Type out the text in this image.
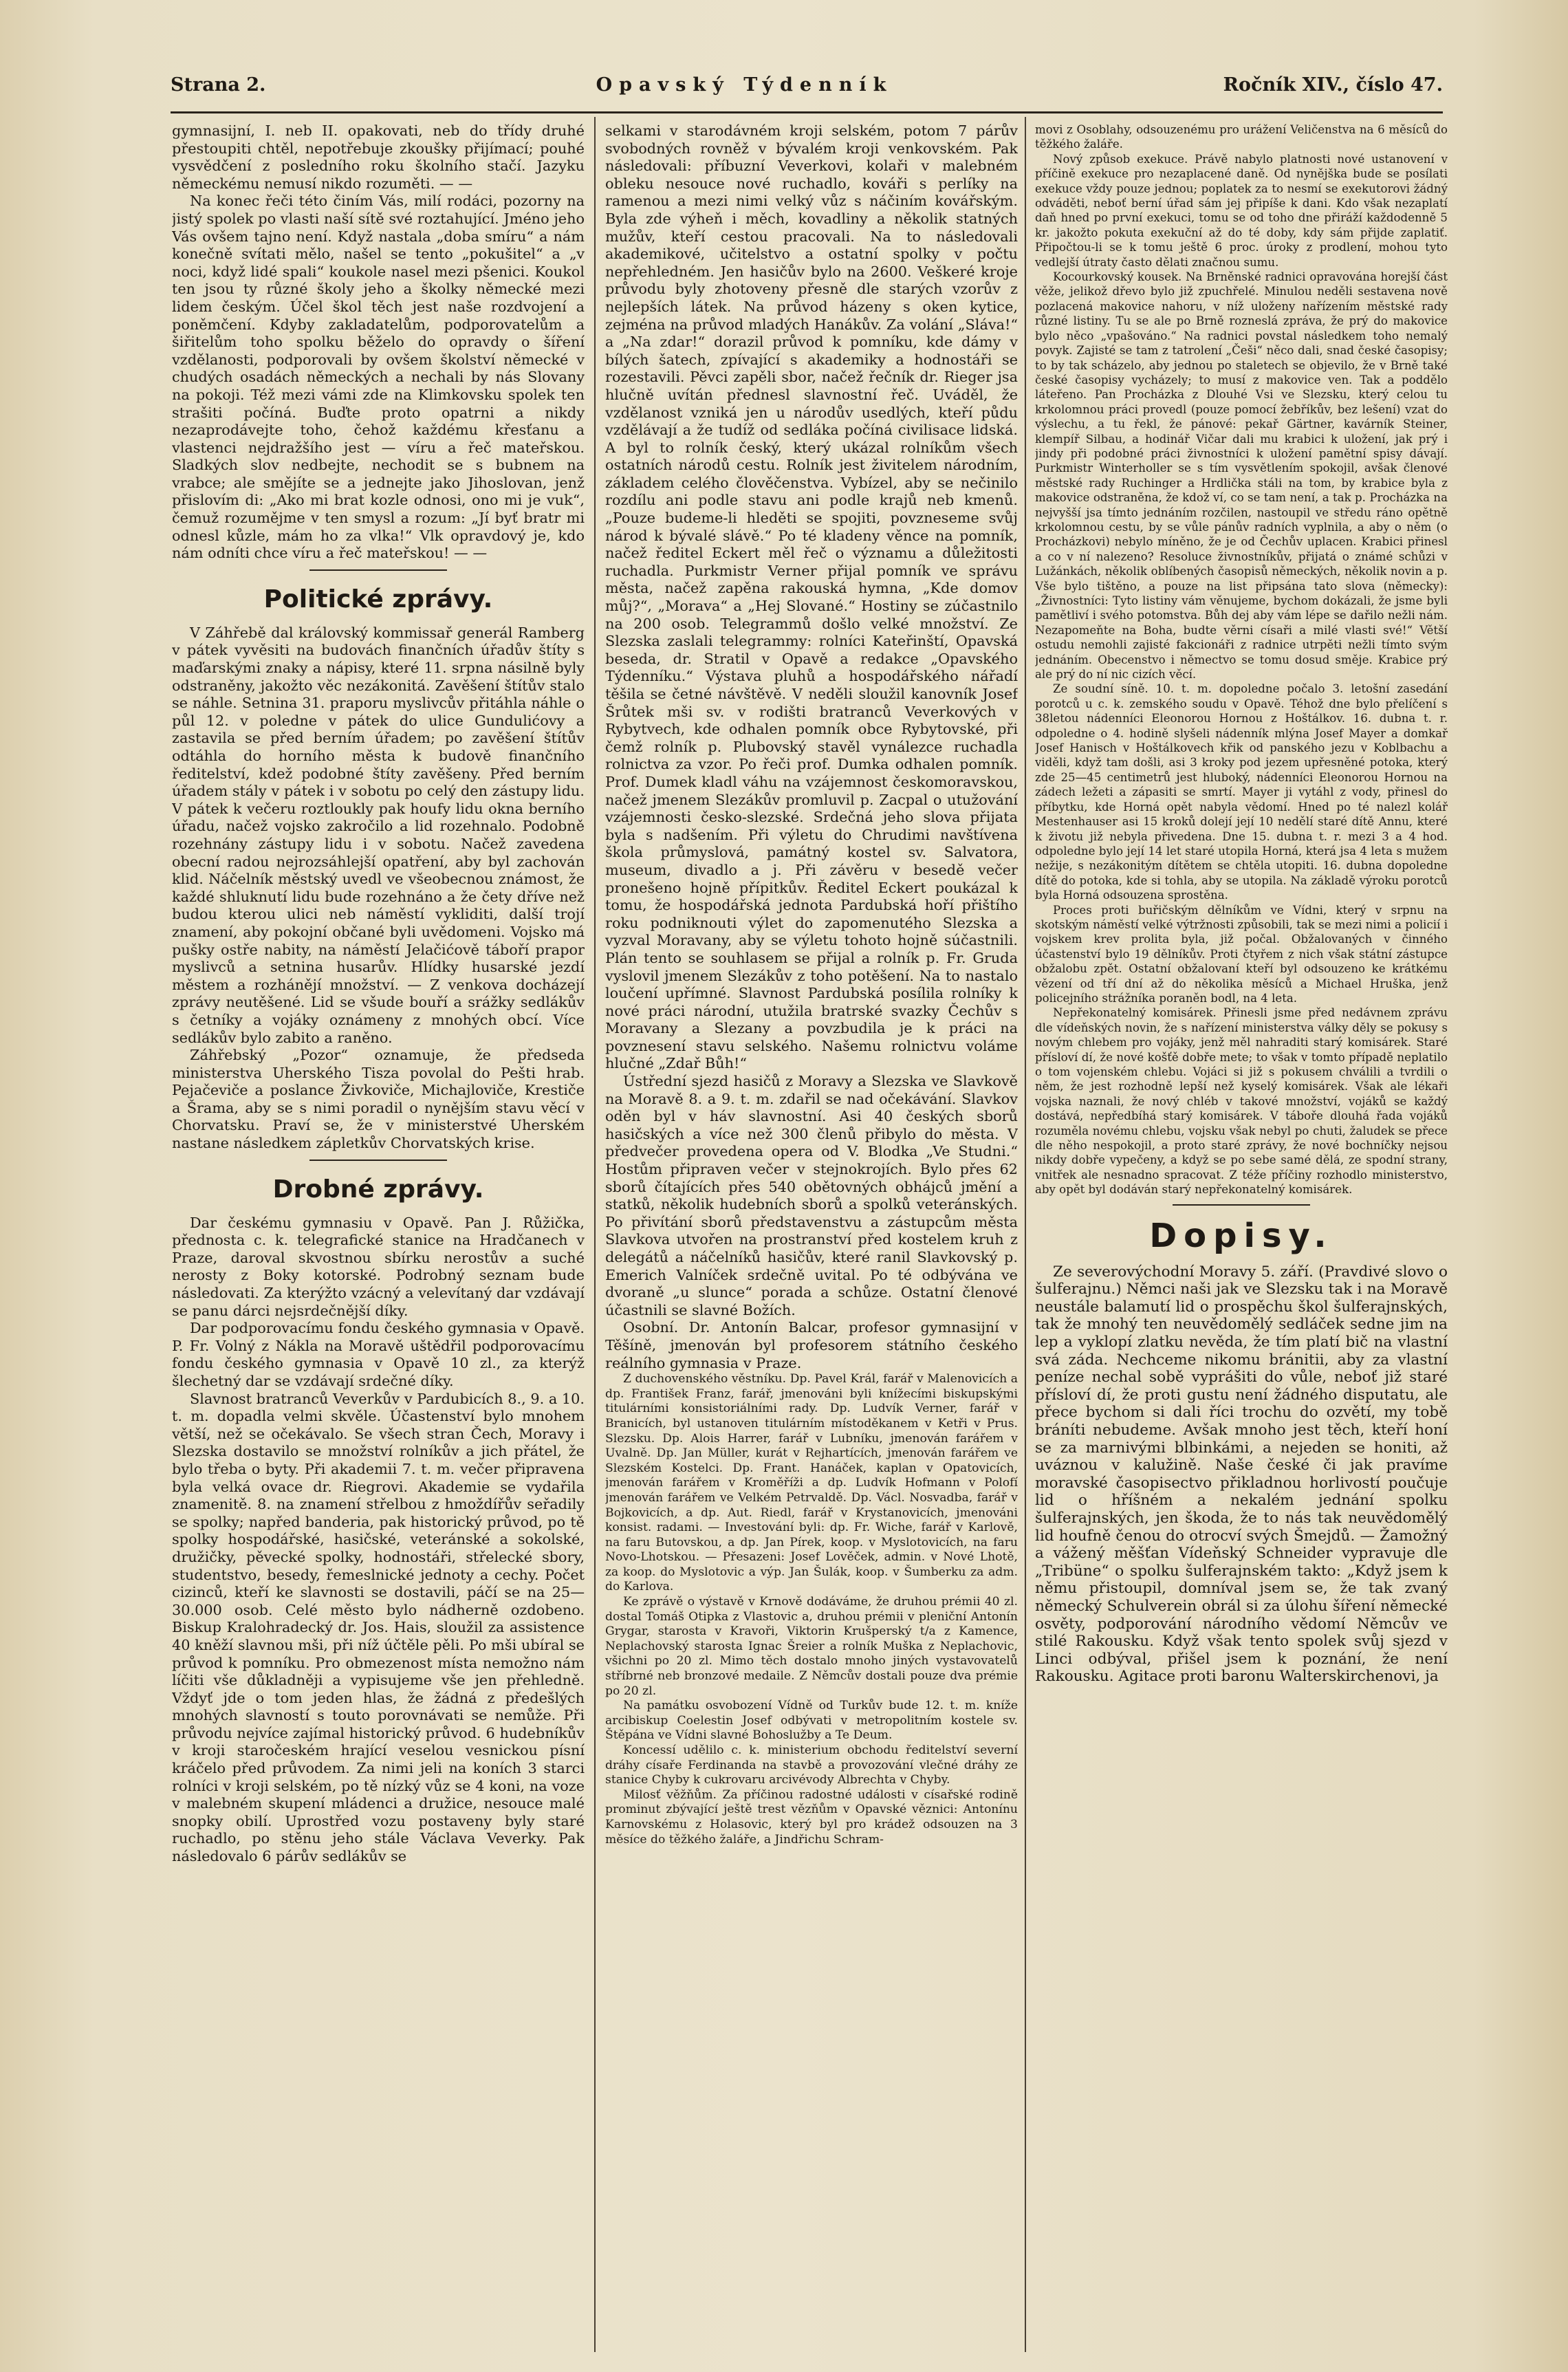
Strana 2.	Opavský Týdenník	Ročník XIV., číslo 47.

gymnasijní, I. neb II. opakovati, neb do třídy druhé přestoupiti chtěl, nepotřebuje zkoušky přijímací; pouhé vysvědčení z posledního roku školního stačí. Jazyku německému nemusí nikdo rozuměti. — —

Na konec řeči této činím Vás, milí rodáci, pozorny na jistý spolek po vlasti naší sítě své roztahující. Jméno jeho Vás ovšem tajno není. Když nastala „doba smíru“ a nám konečně svítati mělo, našel se tento „pokušitel“ a „v noci, když lidé spali“ koukole nasel mezi pšenici. Koukol ten jsou ty různé školy jeho a školky německé mezi lidem českým. Účel škol těch jest naše rozdvojení a poněmčení. Kdyby zakladatelům, podporovatelům a šiřitelům toho spolku běželo do opravdy o šíření vzdělanosti, podporovali by ovšem školství německé v chudých osadách německých a nechali by nás Slovany na pokoji. Též mezi vámi zde na Klimkovsku spolek ten strašiti počíná. Buďte proto opatrni a nikdy nezaprodávejte toho, čehož každému křesťanu a vlastenci nejdražšího jest — víru a řeč mateřskou. Sladkých slov nedbejte, nechodit se s bubnem na vrabce; ale smějíte se a jednejte jako Jihoslovan, jenž přislovím di: „Ako mi brat kozle odnosi, ono mi je vuk“, čemuž rozumějme v ten smysl a rozum: „Jí byť bratr mi odnesl kůzle, mám ho za vlka!“ Vlk opravdový je, kdo nám odníti chce víru a řeč mateřskou! — —

Politické zprávy.

V Záhřebě dal královský kommissař generál Ramberg v pátek vyvěsiti na budovách finančních úřadův štíty s maďarskými znaky a nápisy, které 11. srpna násilně byly odstraněny, jakožto věc nezákonitá. Zavěšení štítův stalo se náhle. Setnina 31. praporu myslivcův přitáhla náhle o půl 12. v poledne v pátek do ulice Gundulićovy a zastavila se před berním úřadem; po zavěšení štítův odtáhla do horního města k budově finančního ředitelství, kdež podobné štíty zavěšeny. Před berním úřadem stály v pátek i v sobotu po celý den zástupy lidu. V pátek k večeru roztloukly pak houfy lidu okna berního úřadu, načež vojsko zakročilo a lid rozehnalo. Podobně rozehnány zástupy lidu i v sobotu. Načež zavedena obecní radou nejrozsáhlejší opatření, aby byl zachován klid. Náčelník městský uvedl ve všeobecnou známost, že každé shluknutí lidu bude rozehnáno a že čety dříve než budou kterou ulici neb náměstí vykliditi, další trojí znamení, aby pokojní občané byli uvědomeni. Vojsko má pušky ostře nabity, na náměstí Jelačićově táboří prapor myslivců a setnina husarův. Hlídky husarské jezdí městem a rozhánějí množství. — Z venkova docházejí zprávy neutěšené. Lid se všude bouří a srážky sedlákův s četníky a vojáky oznámeny z mnohých obcí. Více sedlákův bylo zabito a raněno.

Záhřebský „Pozor“ oznamuje, že předseda ministerstva Uherského Tisza povolal do Pešti hrab. Pejačeviče a poslance Živkoviče, Michajloviče, Krestiče a Šrama, aby se s nimi poradil o nynějším stavu věcí v Chorvatsku. Praví se, že v ministerstvé Uherském nastane následkem zápletkův Chorvatských krise.

Drobné zprávy.

Dar českému gymnasiu v Opavě. Pan J. Růžička, přednosta c. k. telegrafické stanice na Hradčanech v Praze, daroval skvostnou sbírku nerostův a suché nerosty z Boky kotorské. Podrobný seznam bude následovati. Za kterýžto vzácný a velevítaný dar vzdávají se panu dárci nejsrdečnější díky.

Dar podporovacímu fondu českého gymnasia v Opavě. P. Fr. Volný z Nákla na Moravě uštědřil podporovacímu fondu českého gymnasia v Opavě 10 zl., za kterýž šlechetný dar se vzdávají srdečné díky.

Slavnost bratranců Veverkův v Pardubicích 8., 9. a 10. t. m. dopadla velmi skvěle. Účastenství bylo mnohem větší, než se očekávalo. Se všech stran Čech, Moravy i Slezska dostavilo se množství rolníkův a jich přátel, že bylo třeba o byty. Při akademii 7. t. m. večer připravena byla velká ovace dr. Riegrovi. Akademie se vydařila znamenitě. 8. na znamení střelbou z hmoždířův seřadily se spolky; napřed banderia, pak historický průvod, po tě spolky hospodářské, hasičské, veteránské a sokolské, družičky, pěvecké spolky, hodnostáři, střelecké sbory, studentstvo, besedy, řemeslnické jednoty a cechy. Počet cizinců, kteří ke slavnosti se dostavili, páčí se na 25—30.000 osob. Celé město bylo nádherně ozdobeno. Biskup Kralohradecký dr. Jos. Hais, sloužil za assistence 40 kněží slavnou mši, při níž účtěle pěli. Po mši ubíral se průvod k pomníku. Pro obmezenost místa nemožno nám líčiti vše důkladněji a vypisujeme vše jen přehledně. Vždyť jde o tom jeden hlas, že žádná z předešlých mnohých slavností s touto porovnávati se nemůže. Při průvodu nejvíce zajímal historický průvod. 6 hudebníkův v kroji staročeském hrající veselou vesnickou písní kráčelo před průvodem. Za nimi jeli na koních 3 starci rolníci v kroji selském, po tě nízký vůz se 4 koni, na voze v malebném skupení mládenci a družice, nesouce malé snopky obilí. Uprostřed vozu postaveny byly staré ruchadlo, po stěnu jeho stále Václava Veverky. Pak následovalo 6 párův sedlákův se

selkami v starodávném kroji selském, potom 7 párův svobodných rovněž v bývalém kroji venkovském. Pak následovali: příbuzní Veverkovi, kolaři v malebném obleku nesouce nové ruchadlo, kováři s perlíky na ramenou a mezi nimi velký vůz s náčiním kovářským. Byla zde výheň i měch, kovadliny a několik statných mužův, kteří cestou pracovali. Na to následovali akademikové, učitelstvo a ostatní spolky v počtu nepřehledném. Jen hasičův bylo na 2600. Veškeré kroje průvodu byly zhotoveny přesně dle starých vzorův z nejlepších látek. Na průvod házeny s oken kytice, zejména na průvod mladých Hanákův. Za volání „Sláva!“ a „Na zdar!“ dorazil průvod k pomníku, kde dámy v bílých šatech, zpívající s akademiky a hodnostáři se rozestavili. Pěvci zapěli sbor, načež řečník dr. Rieger jsa hlučně uvítán přednesl slavnostní řeč. Uváděl, že vzdělanost vzniká jen u národův usedlých, kteří půdu vzdělávají a že tudíž od sedláka počíná civilisace lidská. A byl to rolník český, který ukázal rolníkům všech ostatních národů cestu. Rolník jest živitelem národním, základem celého člověčenstva. Vybízel, aby se nečinilo rozdílu ani podle stavu ani podle krajů neb kmenů. „Pouze budeme-li hleděti se spojiti, povzneseme svůj národ k bývalé slávě.“ Po té kladeny věnce na pomník, načež ředitel Eckert měl řeč o významu a důležitosti ruchadla. Purkmistr Verner přijal pomník ve správu města, načež zapěna rakouská hymna, „Kde domov můj?“, „Morava“ a „Hej Slované.“ Hostiny se zúčastnilo na 200 osob. Telegrammů došlo velké množství. Ze Slezska zaslali telegrammy: rolníci Kateřinští, Opavská beseda, dr. Stratil v Opavě a redakce „Opavského Týdenníku.“ Výstava pluhů a hospodářského nářadí těšila se četné návštěvě. V neděli sloužil kanovník Josef Šrůtek mši sv. v rodišti bratranců Veverkových v Rybytvech, kde odhalen pomník obce Rybytovské, při čemž rolník p. Plubovský stavěl vynálezce ruchadla rolnictva za vzor. Po řeči prof. Dumka odhalen pomník. Prof. Dumek kladl váhu na vzájemnost českomoravskou, načež jmenem Slezákův promluvil p. Zacpal o utužování vzájemnosti česko-slezské. Srdečná jeho slova přijata byla s nadšením. Při výletu do Chrudimi navštívena škola průmyslová, památný kostel sv. Salvatora, museum, divadlo a j. Při závěru v besedě večer pronešeno hojně přípitkův. Ředitel Eckert poukázal k tomu, že hospodářská jednota Pardubská hoří přištího roku podniknouti výlet do zapomenutého Slezska a vyzval Moravany, aby se výletu tohoto hojně súčastnili. Plán tento se souhlasem se přijal a rolník p. Fr. Gruda vyslovil jmenem Slezákův z toho potěšení. Na to nastalo loučení upřímné. Slavnost Pardubská posílila rolníky k nové práci národní, utužila bratrské svazky Čechův s Moravany a Slezany a povzbudila je k práci na povznesení stavu selského. Našemu rolnictvu voláme hlučné „Zdař Bůh!“

Ústřední sjezd hasičů z Moravy a Slezska ve Slavkově na Moravě 8. a 9. t. m. zdařil se nad očekávání. Slavkov oděn byl v háv slavnostní. Asi 40 českých sborů hasičských a více než 300 členů přibylo do města. V předvečer provedena opera od V. Blodka „Ve Studni.“ Hostům připraven večer v stejnokrojích. Bylo přes 62 sborů čítajících přes 540 obětovných obhájců jmění a statků, několik hudebních sborů a spolků veteránských. Po přivítání sborů představenstvu a zástupcům města Slavkova utvořen na prostranství před kostelem kruh z delegátů a náčelníků hasičův, které ranil Slavkovský p. Emerich Valníček srdečně uvital. Po té odbývána ve dvoraně „u slunce“ porada a schůze. Ostatní členové účastnili se slavné Božích.

Osobní. Dr. Antonín Balcar, profesor gymnasijní v Těšíně, jmenován byl profesorem státního českého reálního gymnasia v Praze.

Z duchovenského věstníku. Dp. Pavel Král, farář v Malenovicích a dp. František Franz, farář, jmenováni byli knížecími biskupskými titulárními konsistoriálními rady. Dp. Ludvík Verner, farář v Branicích, byl ustanoven titulárním místoděkanem v Ketři v Prus. Slezsku. Dp. Alois Harrer, farář v Lubníku, jmenován farářem v Uvalně. Dp. Jan Müller, kurát v Rejhartících, jmenován farářem ve Slezském Kostelci. Dp. Frant. Hanáček, kaplan v Opatovicích, jmenován farářem v Kroměříži a dp. Ludvík Hofmann v Polofí jmenován farářem ve Velkém Petrvaldě. Dp. Václ. Nosvadba, farář v Bojkovicích, a dp. Aut. Riedl, farář v Krystanovicích, jmenováni konsist. radami. — Investování byli: dp. Fr. Wiche, farář v Karlově, na faru Butovskou, a dp. Jan Pírek, koop. v Myslotovicích, na faru Novo-Lhotskou. — Přesazeni: Josef Lověček, admin. v Nové Lhotě, za koop. do Myslotovic a výp. Jan Šulák, koop. v Šumberku za adm. do Karlova.

Ke zprávě o výstavě v Krnově dodáváme, že druhou prémii 40 zl. dostal Tomáš Otipka z Vlastovic a, druhou prémii v pleniční Antonín Grygar, starosta v Kravoři, Viktorin Krušperský t/a z Kamence, Neplachovský starosta Ignac Šreier a rolník Muška z Neplachovic, všichni po 20 zl. Mimo těch dostalo mnoho jiných vystavovatelů stříbrné neb bronzové medaile. Z Němcův dostali pouze dva prémie po 20 zl.

Na památku osvobození Vídně od Turkův bude 12. t. m. kníže arcibiskup Coelestin Josef odbývati v metropolitním kostele sv. Štěpána ve Vídni slavné Bohoslužby a Te Deum.

Koncessí udělilo c. k. ministerium obchodu ředitelství severní dráhy císaře Ferdinanda na stavbě a provozování vlečné dráhy ze stanice Chyby k cukrovaru arcivévody Albrechta v Chyby.

Milosť věžňům. Za příčinou radostné události v císařské rodině prominut zbývající ještě trest vězňům v Opavské věznici: Antonínu Karnovskému z Holasovic, který byl pro krádež odsouzen na 3 měsíce do těžkého žaláře, a Jindřichu Schram-

movi z Osoblahy, odsouzenému pro urážení Veličenstva na 6 měsíců do těžkého žaláře.

Nový způsob exekuce. Právě nabylo platnosti nové ustanovení v příčině exekuce pro nezaplacené daně. Od nynějška bude se posílati exekuce vždy pouze jednou; poplatek za to nesmí se exekutorovi žádný odváděti, neboť berní úřad sám jej připíše k dani. Kdo však nezaplatí daň hned po první exekuci, tomu se od toho dne přiráží každodenně 5 kr. jakožto pokuta exekuční až do té doby, kdy sám přijde zaplatiť. Připočtou-li se k tomu ještě 6 proc. úroky z prodlení, mohou tyto vedlejší útraty často dělati značnou sumu.

Kocourkovský kousek. Na Brněnské radnici opravována horejší část věže, jelikož dřevo bylo již zpuchřelé. Minulou neděli sestavena nově pozlacená makovice nahoru, v níž uloženy nařízením městské rady různé listiny. Tu se ale po Brně rozneslá zpráva, že prý do makovice bylo něco „vpašováno.“ Na radnici povstal následkem toho nemalý povyk. Zajisté se tam z tatrolení „Češi“ něco dali, snad české časopisy; to by tak scházelo, aby jednou po staletech se objevilo, že v Brně také české časopisy vycházely; to musí z makovice ven. Tak a poddělo láteřeno. Pan Procházka z Dlouhé Vsi ve Slezsku, který celou tu krkolomnou práci provedl (pouze pomocí žebříkův, bez lešení) vzat do výslechu, a tu řekl, že pánové: pekař Gärtner, kavárník Steiner, klempíř Silbau, a hodinář Vičar dali mu krabici k uložení, jak prý i jindy při podobné práci živnostníci k uložení pamětní spisy dávají. Purkmistr Winterholler se s tím vysvětlením spokojil, avšak členové městské rady Ruchinger a Hrdlička stáli na tom, by krabice byla z makovice odstraněna, že kdož ví, co se tam není, a tak p. Procházka na nejvyšší jsa tímto jednáním rozčilen, nastoupil ve středu ráno opětně krkolomnou cestu, by se vůle pánův radních vyplnila, a aby o něm (o Procházkovi) nebylo míněno, že je od Čechův uplacen. Krabici přinesl a co v ní nalezeno? Resoluce živnostníkův, přijatá o známé schůzi v Lužánkách, několik oblíbených časopisů německých, několik novin a p. Vše bylo tištěno, a pouze na list připsána tato slova (německy): „Živnostníci: Tyto listiny vám věnujeme, bychom dokázali, že jsme byli pamětliví i svého potomstva. Bůh dej aby vám lépe se dařilo nežli nám. Nezapomeňte na Boha, budte věrni císaři a milé vlasti své!“ Větší ostudu nemohli zajisté fakcionáři z radnice utrpěti nežli tímto svým jednáním. Obecenstvo i němectvo se tomu dosud směje. Krabice prý ale prý do ní nic cizích věcí.

Ze soudní síně. 10. t. m. dopoledne počalo 3. letošní zasedání porotců u c. k. zemského soudu v Opavě. Téhož dne bylo přelíčení s 38letou nádenníci Eleonorou Hornou z Hoštálkov. 16. dubna t. r. odpoledne o 4. hodině slyšeli nádenník mlýna Josef Mayer a domkař Josef Hanisch v Hoštálkovech křik od panského jezu v Koblbachu a viděli, když tam došli, asi 3 kroky pod jezem upřesněné potoka, který zde 25—45 centimetrů jest hluboký, nádenníci Eleonorou Hornou na zádech ležeti a zápasiti se smrtí. Mayer ji vytáhl z vody, přinesl do příbytku, kde Horná opět nabyla vědomí. Hned po té nalezl kolář Mestenhauser asi 15 kroků dolejí její 10 nedělí staré dítě Annu, které k životu již nebyla přivedena. Dne 15. dubna t. r. mezi 3 a 4 hod. odpoledne bylo její 14 let staré utopila Horná, která jsa 4 leta s mužem nežije, s nezákonitým dítětem se chtěla utopiti. 16. dubna dopoledne dítě do potoka, kde si tohla, aby se utopila. Na základě výroku porotců byla Horná odsouzena sprostěna.

Proces proti buřičským dělníkům ve Vídni, který v srpnu na skotským náměstí velké výtržnosti způsobili, tak se mezi nimi a policií i vojskem krev prolita byla, již počal. Obžalovaných v činného účastenství bylo 19 dělníkův. Proti čtyřem z nich však státní zástupce obžalobu zpět. Ostatní obžalovaní kteří byl odsouzeno ke krátkému vězení od tří dní až do několika měsíců a Michael Hruška, jenž policejního strážníka poraněn bodl, na 4 leta.

Nepřekonatelný komisárek. Přinesli jsme před nedávnem zprávu dle vídeňských novin, že s nařízení ministerstva války děly se pokusy s novým chlebem pro vojáky, jenž měl nahraditi starý komisárek. Staré přísloví dí, že nové košťě dobře mete; to však v tomto případě neplatilo o tom vojenském chlebu. Vojáci si již s pokusem chválili a tvrdili o něm, že jest rozhodně lepší než kyselý komisárek. Však ale lékaři vojska naznali, že nový chléb v takové množství, vojáků se každý dostává, nepředbíhá starý komisárek. V táboře dlouhá řada vojáků rozuměla novému chlebu, vojsku však nebyl po chuti, žaludek se přece dle něho nespokojil, a proto staré zprávy, že nové bochníčky nejsou nikdy dobře vypečeny, a když se po sebe samé dělá, ze spodní strany, vnitřek ale nesnadno spracovat. Z téže příčiny rozhodlo ministerstvo, aby opět byl dodáván starý nepřekonatelný komisárek.

Dopisy.

Ze severovýchodní Moravy 5. září. (Pravdivé slovo o šulferajnu.) Němci naši jak ve Slezsku tak i na Moravě neustále balamutí lid o prospěchu škol šulferajnských, tak že mnohý ten neuvědomělý sedláček sedne jim na lep a vyklopí zlatku nevěda, že tím platí bič na vlastní svá záda. Nechceme nikomu bránitii, aby za vlastní peníze nechal sobě vyprášiti do vůle, neboť již staré přísloví dí, že proti gustu není žádného disputatu, ale přece bychom si dali říci trochu do ozvětí, my tobě bráníti nebudeme. Avšak mnoho jest těch, kteří honí se za marnivými blbinkámi, a nejeden se honiti, až uváznou v kalužině. Naše české či jak pravíme moravské časopisectvo přikladnou horlivostí poučuje lid o hříšném a nekalém jednání spolku šulferajnských, jen škoda, že to nás tak neuvědomělý lid houfně čenou do otrocví svých Šmejdů. — Žamožný a vážený měšťan Vídeňský Schneider vypravuje dle „Tribüne“ o spolku šulferajnském takto: „Když jsem k němu přistoupil, domníval jsem se, že tak zvaný německý Schulverein obrál si za úlohu šíření německé osvěty, podporování národního vědomí Němcův ve stilé Rakousku. Když však tento spolek svůj sjezd v Linci odbýval, přišel jsem k poznání, že není Rakousku. Agitace proti baronu Walterskirchenovi, ja
